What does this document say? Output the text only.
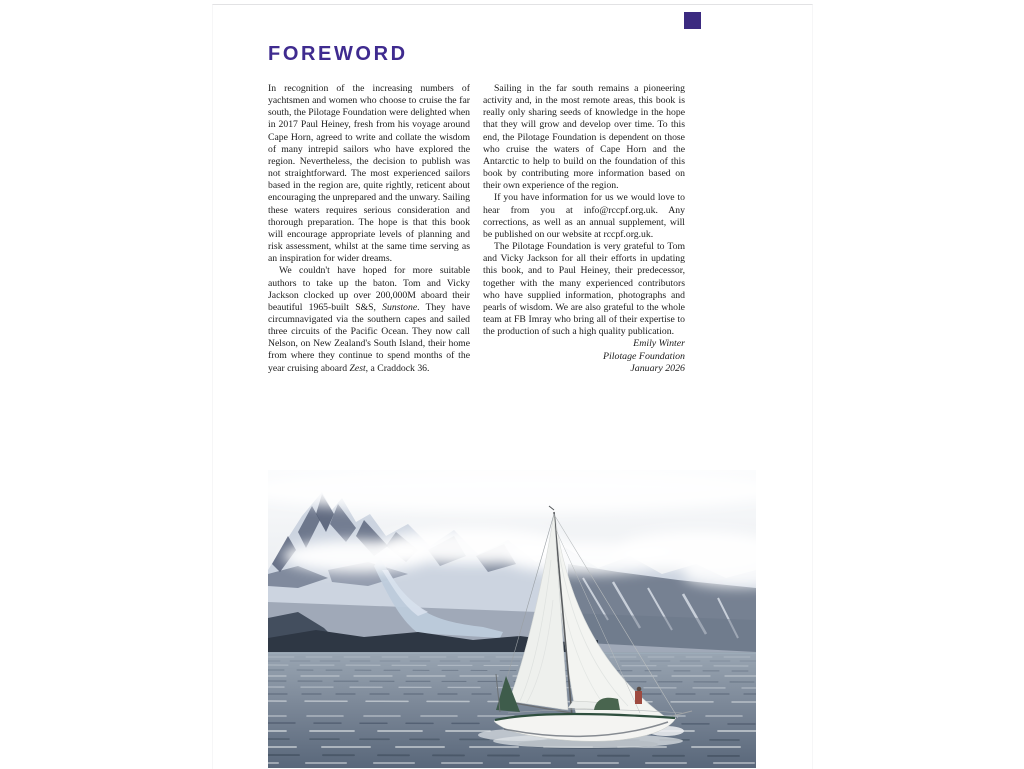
FOREWORD

In recognition of the increasing numbers of yachtsmen and women who choose to cruise the far south, the Pilotage Foundation were delighted when in 2017 Paul Heiney, fresh from his voyage around Cape Horn, agreed to write and collate the wisdom of many intrepid sailors who have explored the region. Nevertheless, the decision to publish was not straightforward. The most experienced sailors based in the region are, quite rightly, reticent about encouraging the unprepared and the unwary. Sailing these waters requires serious consideration and thorough preparation. The hope is that this book will encourage appropriate levels of planning and risk assessment, whilst at the same time serving as an inspiration for wider dreams.

We couldn't have hoped for more suitable authors to take up the baton. Tom and Vicky Jackson clocked up over 200,000M aboard their beautiful 1965-built S&S, Sunstone. They have circumnavigated via the southern capes and sailed three circuits of the Pacific Ocean. They now call Nelson, on New Zealand's South Island, their home from where they continue to spend months of the year cruising aboard Zest, a Craddock 36.

Sailing in the far south remains a pioneering activity and, in the most remote areas, this book is really only sharing seeds of knowledge in the hope that they will grow and develop over time. To this end, the Pilotage Foundation is dependent on those who cruise the waters of Cape Horn and the Antarctic to help to build on the foundation of this book by contributing more information based on their own experience of the region.

If you have information for us we would love to hear from you at info@rccpf.org.uk. Any corrections, as well as an annual supplement, will be published on our website at rccpf.org.uk.

The Pilotage Foundation is very grateful to Tom and Vicky Jackson for all their efforts in updating this book, and to Paul Heiney, their predecessor, together with the many experienced contributors who have supplied information, photographs and pearls of wisdom. We are also grateful to the whole team at FB Imray who bring all of their expertise to the production of such a high quality publication.

Emily Winter
Pilotage Foundation
January 2026
